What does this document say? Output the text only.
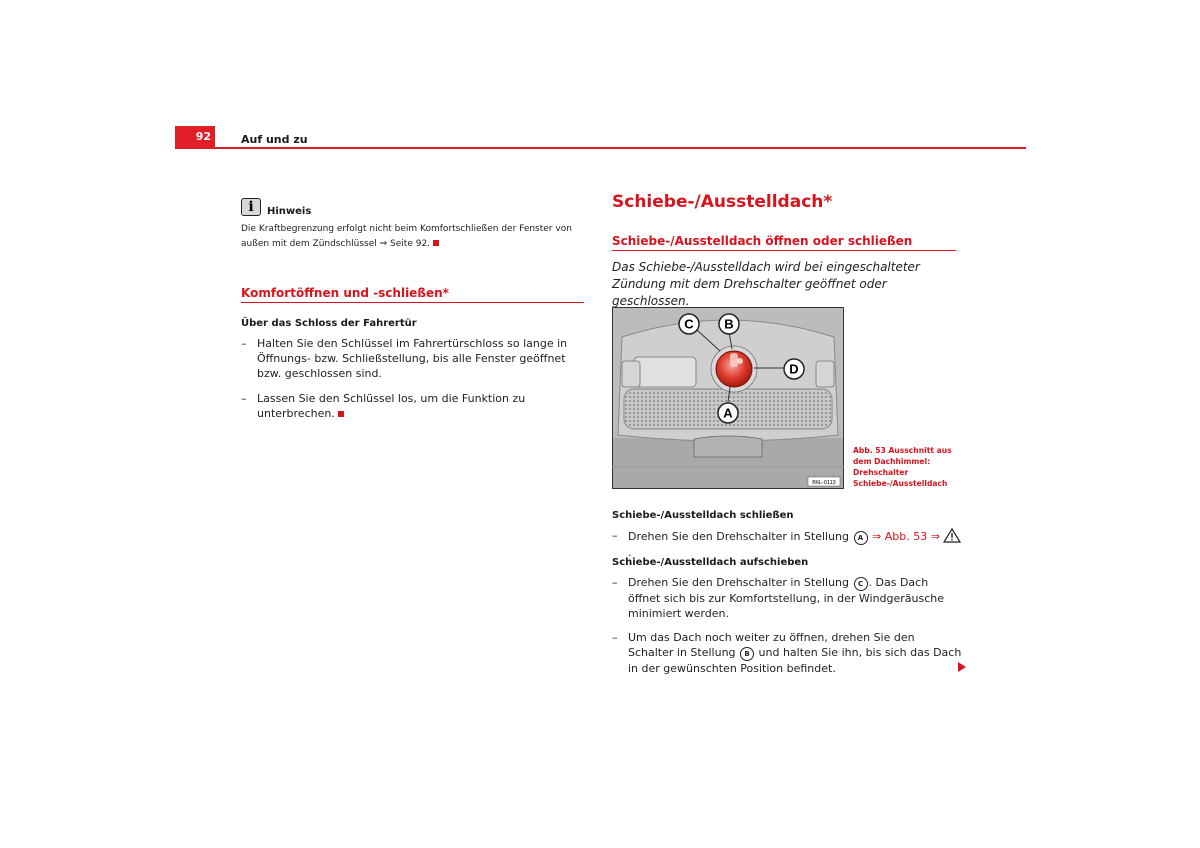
92	Auf und zu
i	Hinweis
Die Kraftbegrenzung erfolgt nicht beim Komfortschließen der Fenster von außen mit dem Zündschlüssel ⇒ Seite 92.
Komfortöffnen und -schließen*
Über das Schloss der Fahrertür
– Halten Sie den Schlüssel im Fahrertürschloss so lange in Öffnungs- bzw. Schließstellung, bis alle Fenster geöffnet bzw. geschlossen sind.
– Lassen Sie den Schlüssel los, um die Funktion zu unterbrechen.
Schiebe-/Ausstelldach*
Schiebe-/Ausstelldach öffnen oder schließen
Das Schiebe-/Ausstelldach wird bei eingeschalteter Zündung mit dem Drehschalter geöffnet oder geschlossen.
B6L-0113
C B
D
A
Abb. 53 Ausschnitt aus dem Dachhimmel: Drehschalter Schiebe-/Ausstelldach
Schiebe-/Ausstelldach schließen
– Drehen Sie den Drehschalter in Stellung A ⇒ Abb. 53 ⇒ .
Schiebe-/Ausstelldach aufschieben
– Drehen Sie den Drehschalter in Stellung C . Das Dach öffnet sich bis zur Komfortstellung, in der Windgeräusche minimiert werden.
– Um das Dach noch weiter zu öffnen, drehen Sie den Schalter in Stellung B und halten Sie ihn, bis sich das Dach in der gewünschten Position befindet.
